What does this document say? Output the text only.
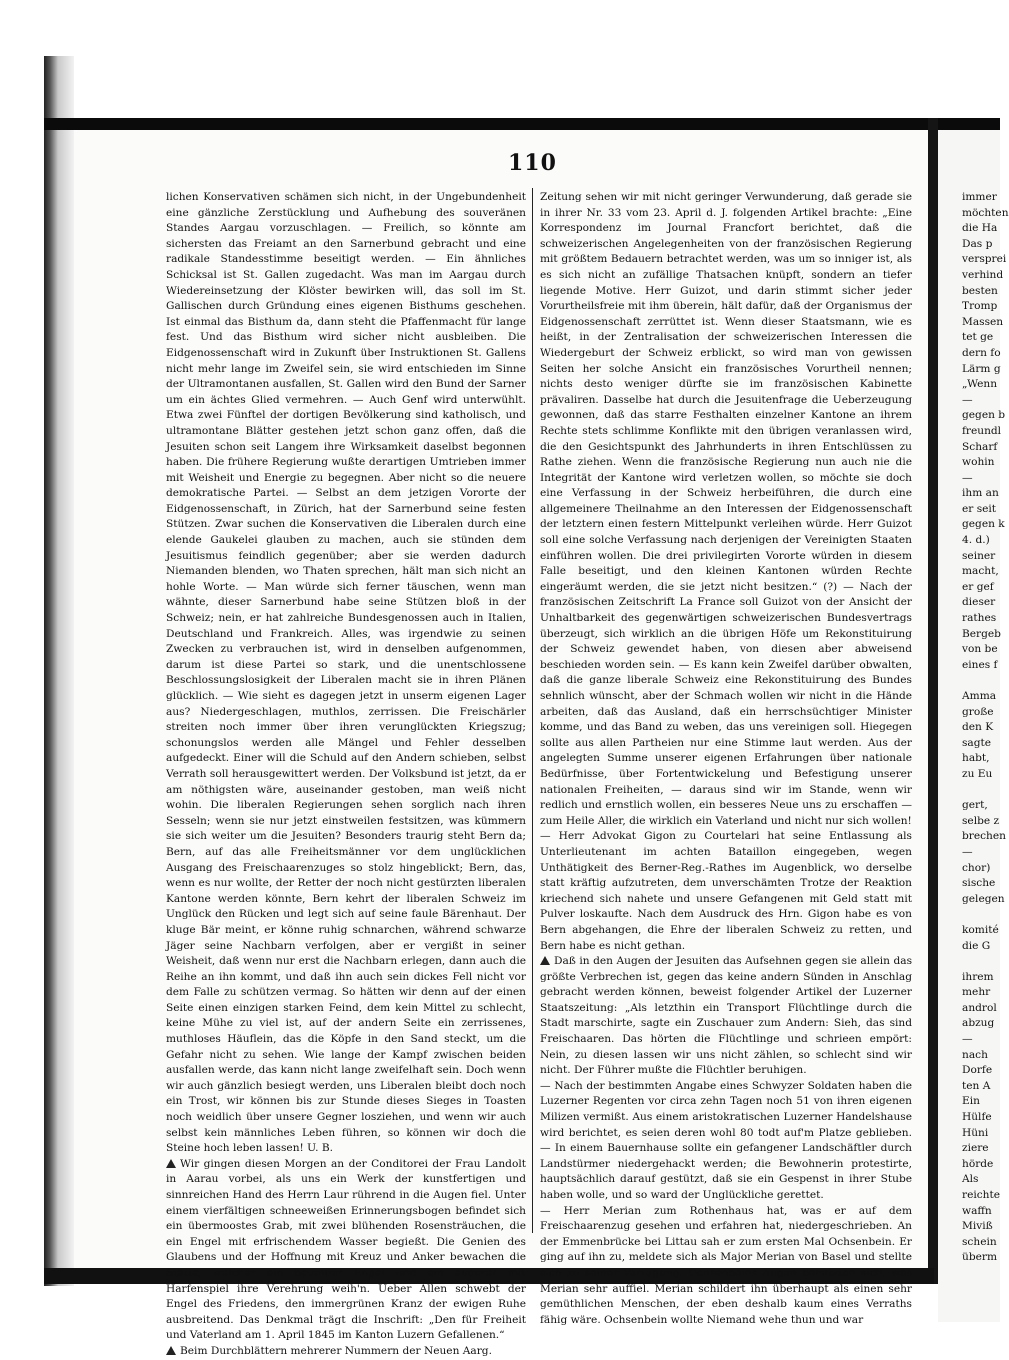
110

lichen Konservativen schämen sich nicht, in der Ungebundenheit eine gänzliche Zerstücklung und Aufhebung des souveränen Standes Aargau vorzuschlagen. — Freilich, so könnte am sichersten das Freiamt an den Sarnerbund gebracht und eine radikale Standesstimme beseitigt werden. — Ein ähnliches Schicksal ist St. Gallen zugedacht. Was man im Aargau durch Wiedereinsetzung der Klöster bewirken will, das soll im St. Gallischen durch Gründung eines eigenen Bisthums geschehen. Ist einmal das Bisthum da, dann steht die Pfaffenmacht für lange fest. Und das Bisthum wird sicher nicht ausbleiben. Die Eidgenossenschaft wird in Zukunft über Instruktionen St. Gallens nicht mehr lange im Zweifel sein, sie wird entschieden im Sinne der Ultramontanen ausfallen, St. Gallen wird den Bund der Sarner um ein ächtes Glied vermehren. — Auch Genf wird unterwühlt. Etwa zwei Fünftel der dortigen Bevölkerung sind katholisch, und ultramontane Blätter gestehen jetzt schon ganz offen, daß die Jesuiten schon seit Langem ihre Wirksamkeit daselbst begonnen haben. Die frühere Regierung wußte derartigen Umtrieben immer mit Weisheit und Energie zu begegnen. Aber nicht so die neuere demokratische Partei. — Selbst an dem jetzigen Vororte der Eidgenossenschaft, in Zürich, hat der Sarnerbund seine festen Stützen. Zwar suchen die Konservativen die Liberalen durch eine elende Gaukelei glauben zu machen, auch sie stünden dem Jesuitismus feindlich gegenüber; aber sie werden dadurch Niemanden blenden, wo Thaten sprechen, hält man sich nicht an hohle Worte. — Man würde sich ferner täuschen, wenn man wähnte, dieser Sarnerbund habe seine Stützen bloß in der Schweiz; nein, er hat zahlreiche Bundesgenossen auch in Italien, Deutschland und Frankreich. Alles, was irgendwie zu seinen Zwecken zu verbrauchen ist, wird in denselben aufgenommen, darum ist diese Partei so stark, und die unentschlossene Beschlossungslosigkeit der Liberalen macht sie in ihren Plänen glücklich. — Wie sieht es dagegen jetzt in unserm eigenen Lager aus? Niedergeschlagen, muthlos, zerrissen. Die Freischärler streiten noch immer über ihren verunglückten Kriegszug; schonungslos werden alle Mängel und Fehler desselben aufgedeckt. Einer will die Schuld auf den Andern schieben, selbst Verrath soll herausgewittert werden. Der Volksbund ist jetzt, da er am nöthigsten wäre, auseinander gestoben, man weiß nicht wohin. Die liberalen Regierungen sehen sorglich nach ihren Sesseln; wenn sie nur jetzt einstweilen festsitzen, was kümmern sie sich weiter um die Jesuiten? Besonders traurig steht Bern da; Bern, auf das alle Freiheitsmänner vor dem unglücklichen Ausgang des Freischaarenzuges so stolz hingeblickt; Bern, das, wenn es nur wollte, der Retter der noch nicht gestürzten liberalen Kantone werden könnte, Bern kehrt der liberalen Schweiz im Unglück den Rücken und legt sich auf seine faule Bärenhaut. Der kluge Bär meint, er könne ruhig schnarchen, während schwarze Jäger seine Nachbarn verfolgen, aber er vergißt in seiner Weisheit, daß wenn nur erst die Nachbarn erlegen, dann auch die Reihe an ihn kommt, und daß ihn auch sein dickes Fell nicht vor dem Falle zu schützen vermag. So hätten wir denn auf der einen Seite einen einzigen starken Feind, dem kein Mittel zu schlecht, keine Mühe zu viel ist, auf der andern Seite ein zerrissenes, muthloses Häuflein, das die Köpfe in den Sand steckt, um die Gefahr nicht zu sehen. Wie lange der Kampf zwischen beiden ausfallen werde, das kann nicht lange zweifelhaft sein. Doch wenn wir auch gänzlich besiegt werden, uns Liberalen bleibt doch noch ein Trost, wir können bis zur Stunde dieses Sieges in Toasten noch weidlich über unsere Gegner losziehen, und wenn wir auch selbst kein männliches Leben führen, so können wir doch die Steine hoch leben lassen! U. B.

Wir gingen diesen Morgen an der Conditorei der Frau Landolt in Aarau vorbei, als uns ein Werk der kunstfertigen und sinnreichen Hand des Herrn Laur rührend in die Augen fiel. Unter einem vierfältigen schneeweißen Erinnerungsbogen befindet sich ein übermoostes Grab, mit zwei blühenden Rosensträuchen, die ein Engel mit erfrischendem Wasser begießt. Die Genien des Glaubens und der Hoffnung mit Kreuz und Anker bewachen die Stätte, welcher ein betender Engel und ein anderer mit Harfenspiel ihre Verehrung weih'n. Ueber Allen schwebt der Engel des Friedens, den immergrünen Kranz der ewigen Ruhe ausbreitend. Das Denkmal trägt die Inschrift: „Den für Freiheit und Vaterland am 1. April 1845 im Kanton Luzern Gefallenen.“

Beim Durchblättern mehrerer Nummern der Neuen Aarg.

Zeitung sehen wir mit nicht geringer Verwunderung, daß gerade sie in ihrer Nr. 33 vom 23. April d. J. folgenden Artikel brachte: „Eine Korrespondenz im Journal Francfort berichtet, daß die schweizerischen Angelegenheiten von der französischen Regierung mit größtem Bedauern betrachtet werden, was um so inniger ist, als es sich nicht an zufällige Thatsachen knüpft, sondern an tiefer liegende Motive. Herr Guizot, und darin stimmt sicher jeder Vorurtheilsfreie mit ihm überein, hält dafür, daß der Organismus der Eidgenossenschaft zerrüttet ist. Wenn dieser Staatsmann, wie es heißt, in der Zentralisation der schweizerischen Interessen die Wiedergeburt der Schweiz erblickt, so wird man von gewissen Seiten her solche Ansicht ein französisches Vorurtheil nennen; nichts desto weniger dürfte sie im französischen Kabinette prävaliren. Dasselbe hat durch die Jesuitenfrage die Ueberzeugung gewonnen, daß das starre Festhalten einzelner Kantone an ihrem Rechte stets schlimme Konflikte mit den übrigen veranlassen wird, die den Gesichtspunkt des Jahrhunderts in ihren Entschlüssen zu Rathe ziehen. Wenn die französische Regierung nun auch nie die Integrität der Kantone wird verletzen wollen, so möchte sie doch eine Verfassung in der Schweiz herbeiführen, die durch eine allgemeinere Theilnahme an den Interessen der Eidgenossenschaft der letztern einen festern Mittelpunkt verleihen würde. Herr Guizot soll eine solche Verfassung nach derjenigen der Vereinigten Staaten einführen wollen. Die drei privilegirten Vororte würden in diesem Falle beseitigt, und den kleinen Kantonen würden Rechte eingeräumt werden, die sie jetzt nicht besitzen.“ (?) — Nach der französischen Zeitschrift La France soll Guizot von der Ansicht der Unhaltbarkeit des gegenwärtigen schweizerischen Bundesvertrags überzeugt, sich wirklich an die übrigen Höfe um Rekonstituirung der Schweiz gewendet haben, von diesen aber abweisend beschieden worden sein. — Es kann kein Zweifel darüber obwalten, daß die ganze liberale Schweiz eine Rekonstituirung des Bundes sehnlich wünscht, aber der Schmach wollen wir nicht in die Hände arbeiten, daß das Ausland, daß ein herrschsüchtiger Minister komme, und das Band zu weben, das uns vereinigen soll. Hiegegen sollte aus allen Partheien nur eine Stimme laut werden. Aus der angelegten Summe unserer eigenen Erfahrungen über nationale Bedürfnisse, über Fortentwickelung und Befestigung unserer nationalen Freiheiten, — daraus sind wir im Stande, wenn wir redlich und ernstlich wollen, ein besseres Neue uns zu erschaffen — zum Heile Aller, die wirklich ein Vaterland und nicht nur sich wollen!

— Herr Advokat Gigon zu Courtelari hat seine Entlassung als Unterlieutenant im achten Bataillon eingegeben, wegen Unthätigkeit des Berner-Reg.-Rathes im Augenblick, wo derselbe statt kräftig aufzutreten, dem unverschämten Trotze der Reaktion kriechend sich nahete und unsere Gefangenen mit Geld statt mit Pulver loskaufte. Nach dem Ausdruck des Hrn. Gigon habe es von Bern abgehangen, die Ehre der liberalen Schweiz zu retten, und Bern habe es nicht gethan.

Daß in den Augen der Jesuiten das Aufsehnen gegen sie allein das größte Verbrechen ist, gegen das keine andern Sünden in Anschlag gebracht werden können, beweist folgender Artikel der Luzerner Staatszeitung: „Als letzthin ein Transport Flüchtlinge durch die Stadt marschirte, sagte ein Zuschauer zum Andern: Sieh, das sind Freischaaren. Das hörten die Flüchtlinge und schrieen empört: Nein, zu diesen lassen wir uns nicht zählen, so schlecht sind wir nicht. Der Führer mußte die Flüchtler beruhigen.

— Nach der bestimmten Angabe eines Schwyzer Soldaten haben die Luzerner Regenten vor circa zehn Tagen noch 51 von ihren eigenen Milizen vermißt. Aus einem aristokratischen Luzerner Handelshause wird berichtet, es seien deren wohl 80 todt auf'm Platze geblieben. — In einem Bauernhause sollte ein gefangener Landschäftler durch Landstürmer niedergehackt werden; die Bewohnerin protestirte, hauptsächlich darauf gestützt, daß sie ein Gespenst in ihrer Stube haben wolle, und so ward der Unglückliche gerettet.

— Herr Merian zum Rothenhaus hat, was er auf dem Freischaarenzug gesehen und erfahren hat, niedergeschrieben. An der Emmenbrücke bei Littau sah er zum ersten Mal Ochsenbein. Er ging auf ihn zu, meldete sich als Major Merian von Basel und stellte sich zu seiner Verfügung. Ochsenbeins Augen benetzten sich, was Merian sehr auffiel. Merian schildert ihn überhaupt als einen sehr gemüthlichen Menschen, der eben deshalb kaum eines Verraths fähig wäre. Ochsenbein wollte Niemand wehe thun und war

immer
möchten
die Ha
Das p
versprei
verhind
besten
Tromp
Massen
tet ge
dern fo
Lärm g
„Wenn
—
gegen b
freundl
Scharf
wohin
—
ihm an
er seit
gegen k
4. d.)
seiner
macht,
er gef
dieser
rathes
Bergeb
von be
eines f

Amma
große
den K
sagte
habt,
zu Eu

gert,
selbe z
brechen
—
chor)
sische
gelegen

komité
die G

ihrem
mehr
androl
abzug
—
nach
Dorfe
ten A
Ein
Hülfe
Hüni
ziere
hörde
Als
reichte
waffn
Miviß
schein
überm
